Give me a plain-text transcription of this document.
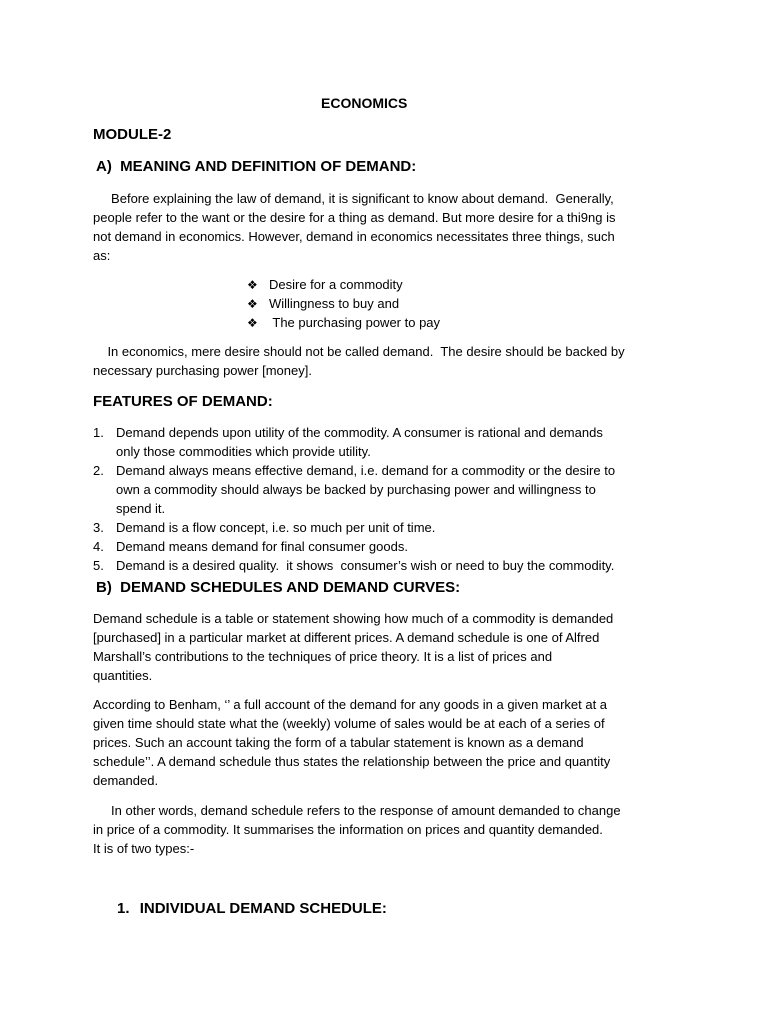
ECONOMICS
MODULE-2
A)  MEANING AND DEFINITION OF DEMAND:
Before explaining the law of demand, it is significant to know about demand.  Generally,
people refer to the want or the desire for a thing as demand. But more desire for a thi9ng is
not demand in economics. However, demand in economics necessitates three things, such
as:
❖ Desire for a commodity
❖ Willingness to buy and
❖ The purchasing power to pay
In economics, mere desire should not be called demand.  The desire should be backed by
necessary purchasing power [money].
FEATURES OF DEMAND:
1. Demand depends upon utility of the commodity. A consumer is rational and demands
only those commodities which provide utility.
2. Demand always means effective demand, i.e. demand for a commodity or the desire to
own a commodity should always be backed by purchasing power and willingness to
spend it.
3. Demand is a flow concept, i.e. so much per unit of time.
4. Demand means demand for final consumer goods.
5. Demand is a desired quality.  it shows  consumer’s wish or need to buy the commodity.
B)  DEMAND SCHEDULES AND DEMAND CURVES:
Demand schedule is a table or statement showing how much of a commodity is demanded
[purchased] in a particular market at different prices. A demand schedule is one of Alfred
Marshall’s contributions to the techniques of price theory. It is a list of prices and
quantities.
According to Benham, ‘’ a full account of the demand for any goods in a given market at a
given time should state what the (weekly) volume of sales would be at each of a series of
prices. Such an account taking the form of a tabular statement is known as a demand
schedule’’. A demand schedule thus states the relationship between the price and quantity
demanded.
In other words, demand schedule refers to the response of amount demanded to change
in price of a commodity. It summarises the information on prices and quantity demanded.
It is of two types:-
1. INDIVIDUAL DEMAND SCHEDULE:
